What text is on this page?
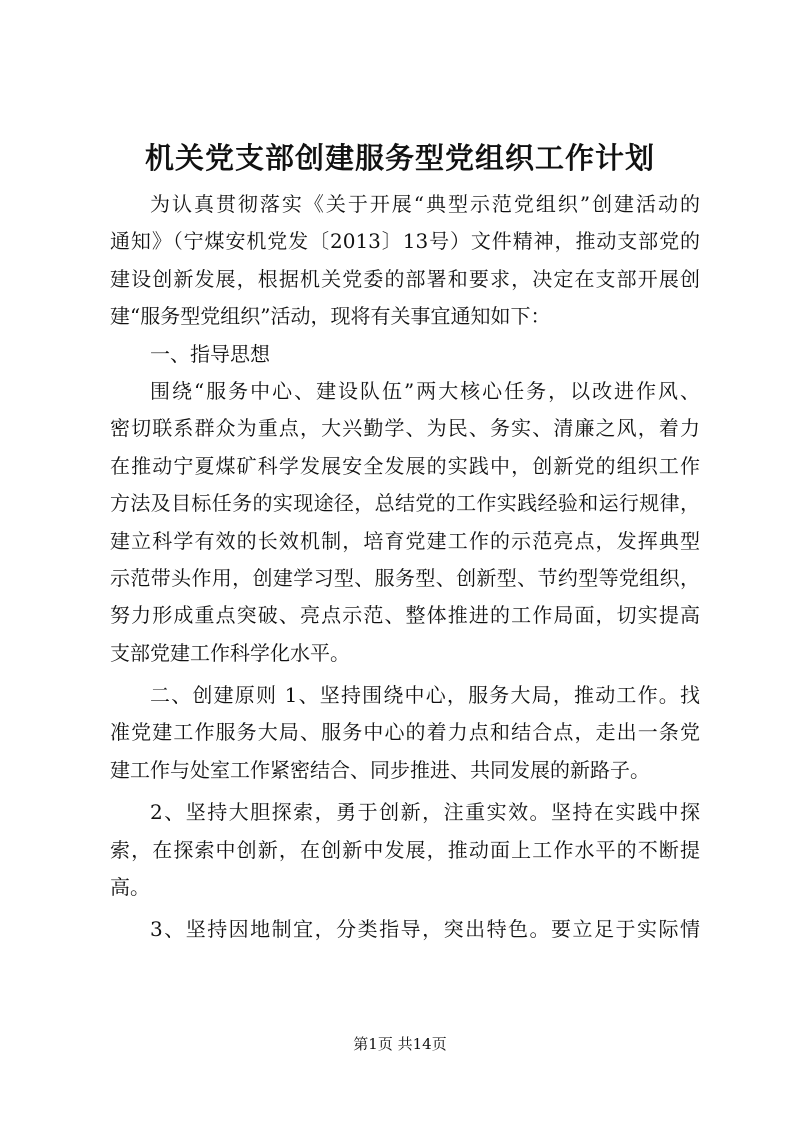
机关党支部创建服务型党组织工作计划
为认真贯彻落实《关于开展“典型示范党组织”创建活动的
通知》（宁煤安机党发〔2013〕13号）文件精神，推动支部党的
建设创新发展，根据机关党委的部署和要求，决定在支部开展创
建“服务型党组织”活动，现将有关事宜通知如下：
一、指导思想
围绕“服务中心、建设队伍”两大核心任务，以改进作风、
密切联系群众为重点，大兴勤学、为民、务实、清廉之风，着力
在推动宁夏煤矿科学发展安全发展的实践中，创新党的组织工作
方法及目标任务的实现途径，总结党的工作实践经验和运行规律，
建立科学有效的长效机制，培育党建工作的示范亮点，发挥典型
示范带头作用，创建学习型、服务型、创新型、节约型等党组织，
努力形成重点突破、亮点示范、整体推进的工作局面，切实提高
支部党建工作科学化水平。
二、创建原则 1、坚持围绕中心，服务大局，推动工作。找
准党建工作服务大局、服务中心的着力点和结合点，走出一条党
建工作与处室工作紧密结合、同步推进、共同发展的新路子。
2、坚持大胆探索，勇于创新，注重实效。坚持在实践中探
索，在探索中创新，在创新中发展，推动面上工作水平的不断提
高。
3、坚持因地制宜，分类指导，突出特色。要立足于实际情
第1页 共14页
